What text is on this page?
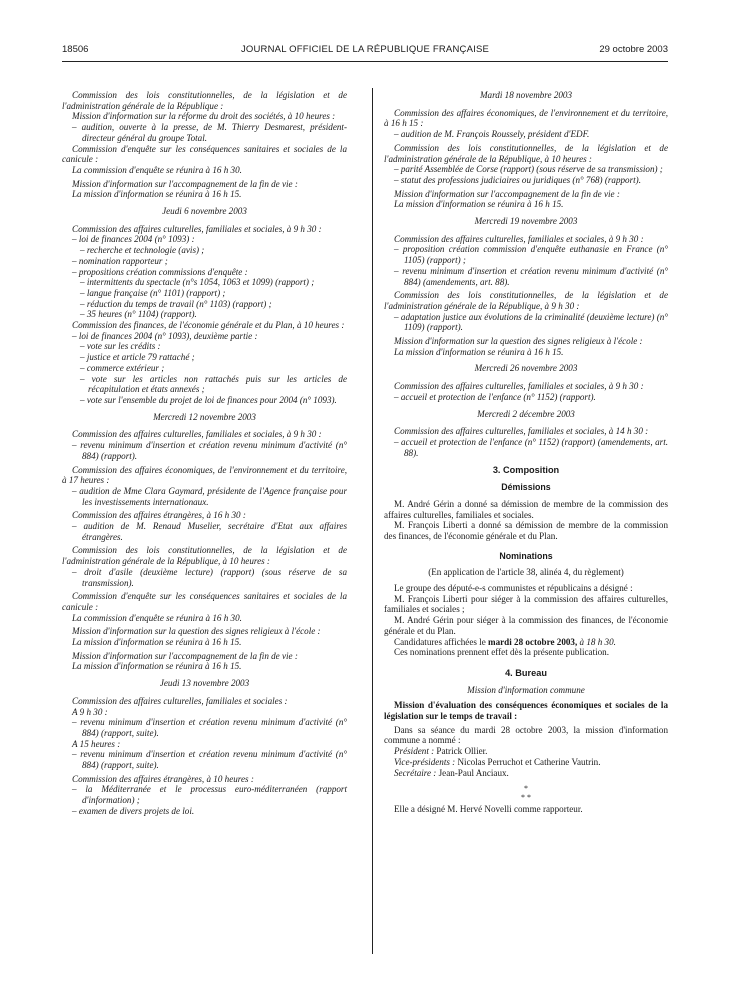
18506	JOURNAL OFFICIEL DE LA RÉPUBLIQUE FRANÇAISE	29 octobre 2003

Commission des lois constitutionnelles, de la législation et de l'administration générale de la République :

Mission d'information sur la réforme du droit des sociétés, à 10 heures :

– audition, ouverte à la presse, de M. Thierry Desmarest, président-directeur général du groupe Total.

Commission d'enquête sur les conséquences sanitaires et sociales de la canicule :

La commission d'enquête se réunira à 16 h 30.

Mission d'information sur l'accompagnement de la fin de vie :

La mission d'information se réunira à 16 h 15.

Jeudi 6 novembre 2003

Commission des affaires culturelles, familiales et sociales, à 9 h 30 :

– loi de finances 2004 (n° 1093) :

– recherche et technologie (avis) ;

– nomination rapporteur ;

– propositions création commissions d'enquête :

– intermittents du spectacle (n°s 1054, 1063 et 1099) (rapport) ;

– langue française (n° 1101) (rapport) ;

– réduction du temps de travail (n° 1103) (rapport) ;

– 35 heures (n° 1104) (rapport).

Commission des finances, de l'économie générale et du Plan, à 10 heures :

– loi de finances 2004 (n° 1093), deuxième partie :

– vote sur les crédits :

– justice et article 79 rattaché ;

– commerce extérieur ;

– vote sur les articles non rattachés puis sur les articles de récapitulation et états annexés ;

– vote sur l'ensemble du projet de loi de finances pour 2004 (n° 1093).

Mercredi 12 novembre 2003

Commission des affaires culturelles, familiales et sociales, à 9 h 30 :

– revenu minimum d'insertion et création revenu minimum d'activité (n° 884) (rapport).

Commission des affaires économiques, de l'environnement et du territoire, à 17 heures :

– audition de Mme Clara Gaymard, présidente de l'Agence française pour les investissements internationaux.

Commission des affaires étrangères, à 16 h 30 :

– audition de M. Renaud Muselier, secrétaire d'Etat aux affaires étrangères.

Commission des lois constitutionnelles, de la législation et de l'administration générale de la République, à 10 heures :

– droit d'asile (deuxième lecture) (rapport) (sous réserve de sa transmission).

Commission d'enquête sur les conséquences sanitaires et sociales de la canicule :

La commission d'enquête se réunira à 16 h 30.

Mission d'information sur la question des signes religieux à l'école :

La mission d'information se réunira à 16 h 15.

Mission d'information sur l'accompagnement de la fin de vie :

La mission d'information se réunira à 16 h 15.

Jeudi 13 novembre 2003

Commission des affaires culturelles, familiales et sociales :

A 9 h 30 :

– revenu minimum d'insertion et création revenu minimum d'activité (n° 884) (rapport, suite).

A 15 heures :

– revenu minimum d'insertion et création revenu minimum d'activité (n° 884) (rapport, suite).

Commission des affaires étrangères, à 10 heures :

– la Méditerranée et le processus euro-méditerranéen (rapport d'information) ;

– examen de divers projets de loi.

Mardi 18 novembre 2003

Commission des affaires économiques, de l'environnement et du territoire, à 16 h 15 :

– audition de M. François Roussely, président d'EDF.

Commission des lois constitutionnelles, de la législation et de l'administration générale de la République, à 10 heures :

– parité Assemblée de Corse (rapport) (sous réserve de sa transmission) ;

– statut des professions judiciaires ou juridiques (n° 768) (rapport).

Mission d'information sur l'accompagnement de la fin de vie :

La mission d'information se réunira à 16 h 15.

Mercredi 19 novembre 2003

Commission des affaires culturelles, familiales et sociales, à 9 h 30 :

– proposition création commission d'enquête euthanasie en France (n° 1105) (rapport) ;

– revenu minimum d'insertion et création revenu minimum d'activité (n° 884) (amendements, art. 88).

Commission des lois constitutionnelles, de la législation et de l'administration générale de la République, à 9 h 30 :

– adaptation justice aux évolutions de la criminalité (deuxième lecture) (n° 1109) (rapport).

Mission d'information sur la question des signes religieux à l'école :

La mission d'information se réunira à 16 h 15.

Mercredi 26 novembre 2003

Commission des affaires culturelles, familiales et sociales, à 9 h 30 :

– accueil et protection de l'enfance (n° 1152) (rapport).

Mercredi 2 décembre 2003

Commission des affaires culturelles, familiales et sociales, à 14 h 30 :

– accueil et protection de l'enfance (n° 1152) (rapport) (amendements, art. 88).

3. Composition
Démissions

M. André Gérin a donné sa démission de membre de la commission des affaires culturelles, familiales et sociales.

M. François Liberti a donné sa démission de membre de la commission des finances, de l'économie générale et du Plan.

Nominations
(En application de l'article 38, alinéa 4, du règlement)

Le groupe des député-e-s communistes et républicains a désigné :

M. François Liberti pour siéger à la commission des affaires culturelles, familiales et sociales ;

M. André Gérin pour siéger à la commission des finances, de l'économie générale et du Plan.

Candidatures affichées le mardi 28 octobre 2003, à 18 h 30.

Ces nominations prennent effet dès la présente publication.

4. Bureau
Mission d'information commune

Mission d'évaluation des conséquences économiques et sociales de la législation sur le temps de travail :

Dans sa séance du mardi 28 octobre 2003, la mission d'information commune a nommé :

Président : Patrick Ollier.

Vice-présidents : Nicolas Perruchot et Catherine Vautrin.

Secrétaire : Jean-Paul Anciaux.

*
* *

Elle a désigné M. Hervé Novelli comme rapporteur.
